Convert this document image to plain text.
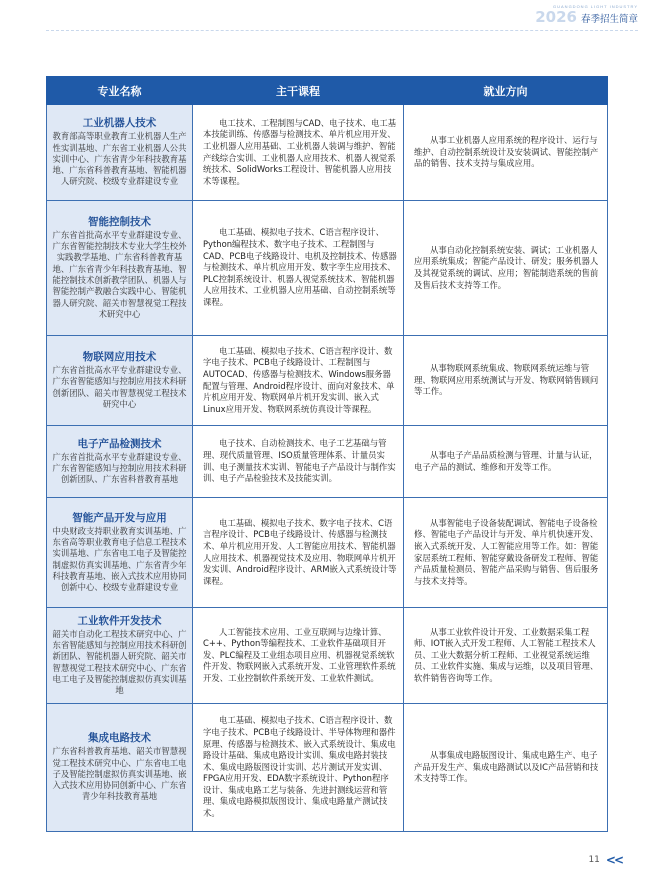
GUANGDONG LIGHT INDUSTRY
2026 春季招生简章
专业名称	主干课程	就业方向

工业机器人技术
教育部高等职业教育工业机器人生产性实训基地、广东省工业机器人公共实训中心、广东省青少年科技教育基地、广东省科普教育基地、智能机器人研究院、校级专业群建设专业	电工技术、工程制图与CAD、电子技术、电工基本技能训练、传感器与检测技术、单片机应用开发、工业机器人应用基础、工业机器人装调与维护、智能产线综合实训、工业机器人应用技术、机器人视觉系统技术、SolidWorks工程设计、智能机器人应用技术等课程。	从事工业机器人应用系统的程序设计、运行与维护、自动控制系统设计及安装调试、智能控制产品的销售、技术支持与集成应用。

智能控制技术
广东省首批高水平专业群建设专业、广东省智能控制技术专业大学生校外实践教学基地、广东省科普教育基地、广东省青少年科技教育基地、智能控制技术创新教学团队、机器人与智能控制产教融合实践中心、智能机器人研究院、韶关市智慧视觉工程技术研究中心	电工基础、模拟电子技术、C语言程序设计、Python编程技术、数字电子技术、工程制图与CAD、PCB电子线路设计、电机及控制技术、传感器与检测技术、单片机应用开发、数字孪生应用技术、PLC控制系统设计、机器人视觉系统技术、智能机器人应用技术、工业机器人应用基础、自动控制系统等课程。	从事自动化控制系统安装、调试；工业机器人应用系统集成；智能产品设计、研发；服务机器人及其视觉系统的调试、应用；智能制造系统的售前及售后技术支持等工作。

物联网应用技术
广东省首批高水平专业群建设专业、广东省智能感知与控制应用技术科研创新团队、韶关市智慧视觉工程技术研究中心	电工基础、模拟电子技术、C语言程序设计、数字电子技术、PCB电子线路设计、工程制图与AUTOCAD、传感器与检测技术、Windows服务器配置与管理、Android程序设计、面向对象技术、单片机应用开发、物联网单片机开发实训、嵌入式Linux应用开发、物联网系统仿真设计等课程。	从事物联网系统集成、物联网系统运维与管理、物联网应用系统测试与开发、物联网销售顾问等工作。

电子产品检测技术
广东省首批高水平专业群建设专业、广东省智能感知与控制应用技术科研创新团队、广东省科普教育基地	电子技术、自动检测技术、电子工艺基础与管理、现代质量管理、ISO质量管理体系、计量员实训、电子测量技术实训、智能电子产品设计与制作实训、电子产品检验技术及技能实训。	从事电子产品品质检测与管理、计量与认证，电子产品的测试、维修和开发等工作。

智能产品开发与应用
中央财政支持职业教育实训基地、广东省高等职业教育电子信息工程技术实训基地、广东省电工电子及智能控制虚拟仿真实训基地、广东省青少年科技教育基地、嵌入式技术应用协同创新中心、校级专业群建设专业	电工基础、模拟电子技术、数字电子技术、C语言程序设计、PCB电子线路设计、传感器与检测技术、单片机应用开发、人工智能应用技术、智能机器人应用技术、机器视觉技术及应用、物联网单片机开发实训、Android程序设计、ARM嵌入式系统设计等课程。	从事智能电子设备装配调试、智能电子设备检修、智能电子产品设计与开发、单片机快速开发、嵌入式系统开发、人工智能应用等工作。如：智能家居系统工程师、智能穿戴设备研发工程师、智能产品质量检测员、智能产品采购与销售、售后服务与技术支持等。

工业软件开发技术
韶关市自动化工程技术研究中心、广东省智能感知与控制应用技术科研创新团队、智能机器人研究院、韶关市智慧视觉工程技术研究中心、广东省电工电子及智能控制虚拟仿真实训基地	人工智能技术应用、工业互联网与边缘计算、C++、Python等编程技术、工业软件基础项目开发、PLC编程及工业组态项目应用、机器视觉系统软件开发、物联网嵌入式系统开发、工业管理软件系统开发、工业控制软件系统开发、工业软件测试。	从事工业软件设计开发、工业数据采集工程师、IOT嵌入式开发工程师、人工智能工程技术人员、工业大数据分析工程师、工业视觉系统运维员、工业软件实施、集成与运维，以及项目管理、软件销售咨询等工作。

集成电路技术
广东省科普教育基地、韶关市智慧视觉工程技术研究中心、广东省电工电子及智能控制虚拟仿真实训基地、嵌入式技术应用协同创新中心、广东省青少年科技教育基地	电工基础、模拟电子技术、C语言程序设计、数字电子技术、PCB电子线路设计、半导体物理和器件原理、传感器与检测技术、嵌入式系统设计、集成电路设计基础、集成电路设计实训、集成电路封装技术、集成电路版图设计实训、芯片测试开发实训、FPGA应用开发、EDA数字系统设计、Python程序设计、集成电路工艺与装备、先进封测线运营和管理、集成电路模拟版图设计、集成电路量产测试技术。	从事集成电路版图设计、集成电路生产、电子产品开发生产、集成电路测试以及IC产品营销和技术支持等工作。

11 <<
